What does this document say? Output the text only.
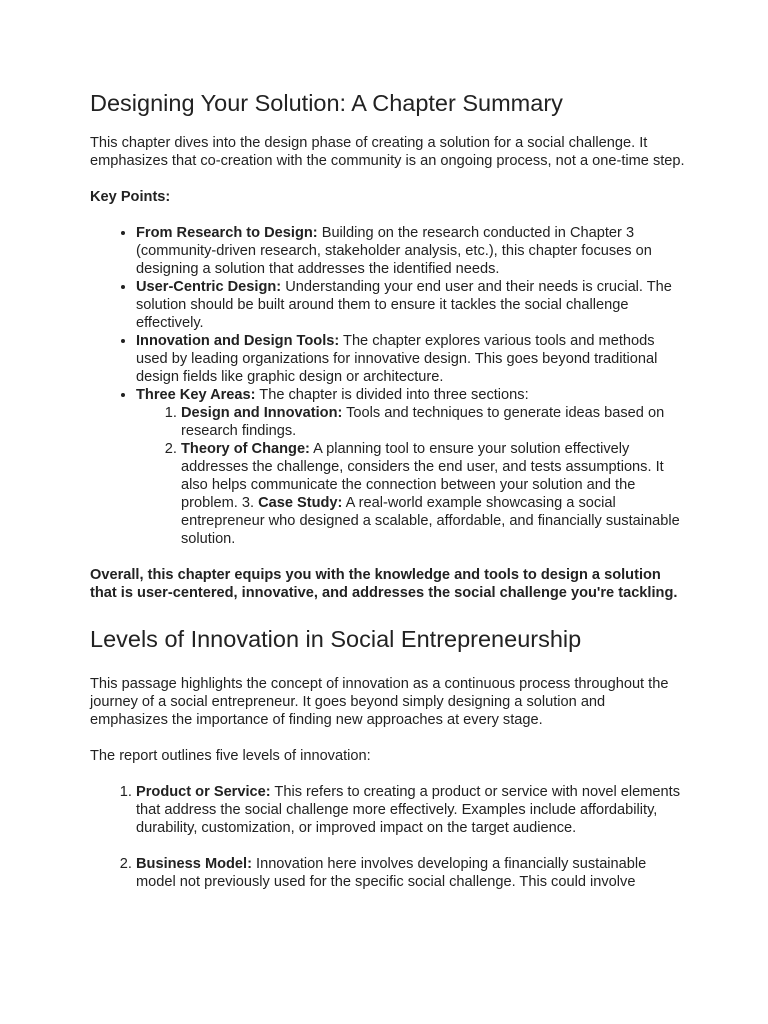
Designing Your Solution: A Chapter Summary

This chapter dives into the design phase of creating a solution for a social challenge. It emphasizes that co-creation with the community is an ongoing process, not a one-time step.

Key Points:

• From Research to Design: Building on the research conducted in Chapter 3 (community-driven research, stakeholder analysis, etc.), this chapter focuses on designing a solution that addresses the identified needs.
• User-Centric Design: Understanding your end user and their needs is crucial. The solution should be built around them to ensure it tackles the social challenge effectively.
• Innovation and Design Tools: The chapter explores various tools and methods used by leading organizations for innovative design. This goes beyond traditional design fields like graphic design or architecture.
• Three Key Areas: The chapter is divided into three sections:
1. Design and Innovation: Tools and techniques to generate ideas based on research findings.
2. Theory of Change: A planning tool to ensure your solution effectively addresses the challenge, considers the end user, and tests assumptions. It also helps communicate the connection between your solution and the problem. 3. Case Study: A real-world example showcasing a social entrepreneur who designed a scalable, affordable, and financially sustainable solution.

Overall, this chapter equips you with the knowledge and tools to design a solution that is user-centered, innovative, and addresses the social challenge you're tackling.

Levels of Innovation in Social Entrepreneurship

This passage highlights the concept of innovation as a continuous process throughout the journey of a social entrepreneur. It goes beyond simply designing a solution and emphasizes the importance of finding new approaches at every stage.

The report outlines five levels of innovation:

1. Product or Service: This refers to creating a product or service with novel elements that address the social challenge more effectively. Examples include affordability, durability, customization, or improved impact on the target audience.
2. Business Model: Innovation here involves developing a financially sustainable model not previously used for the specific social challenge. This could involve
